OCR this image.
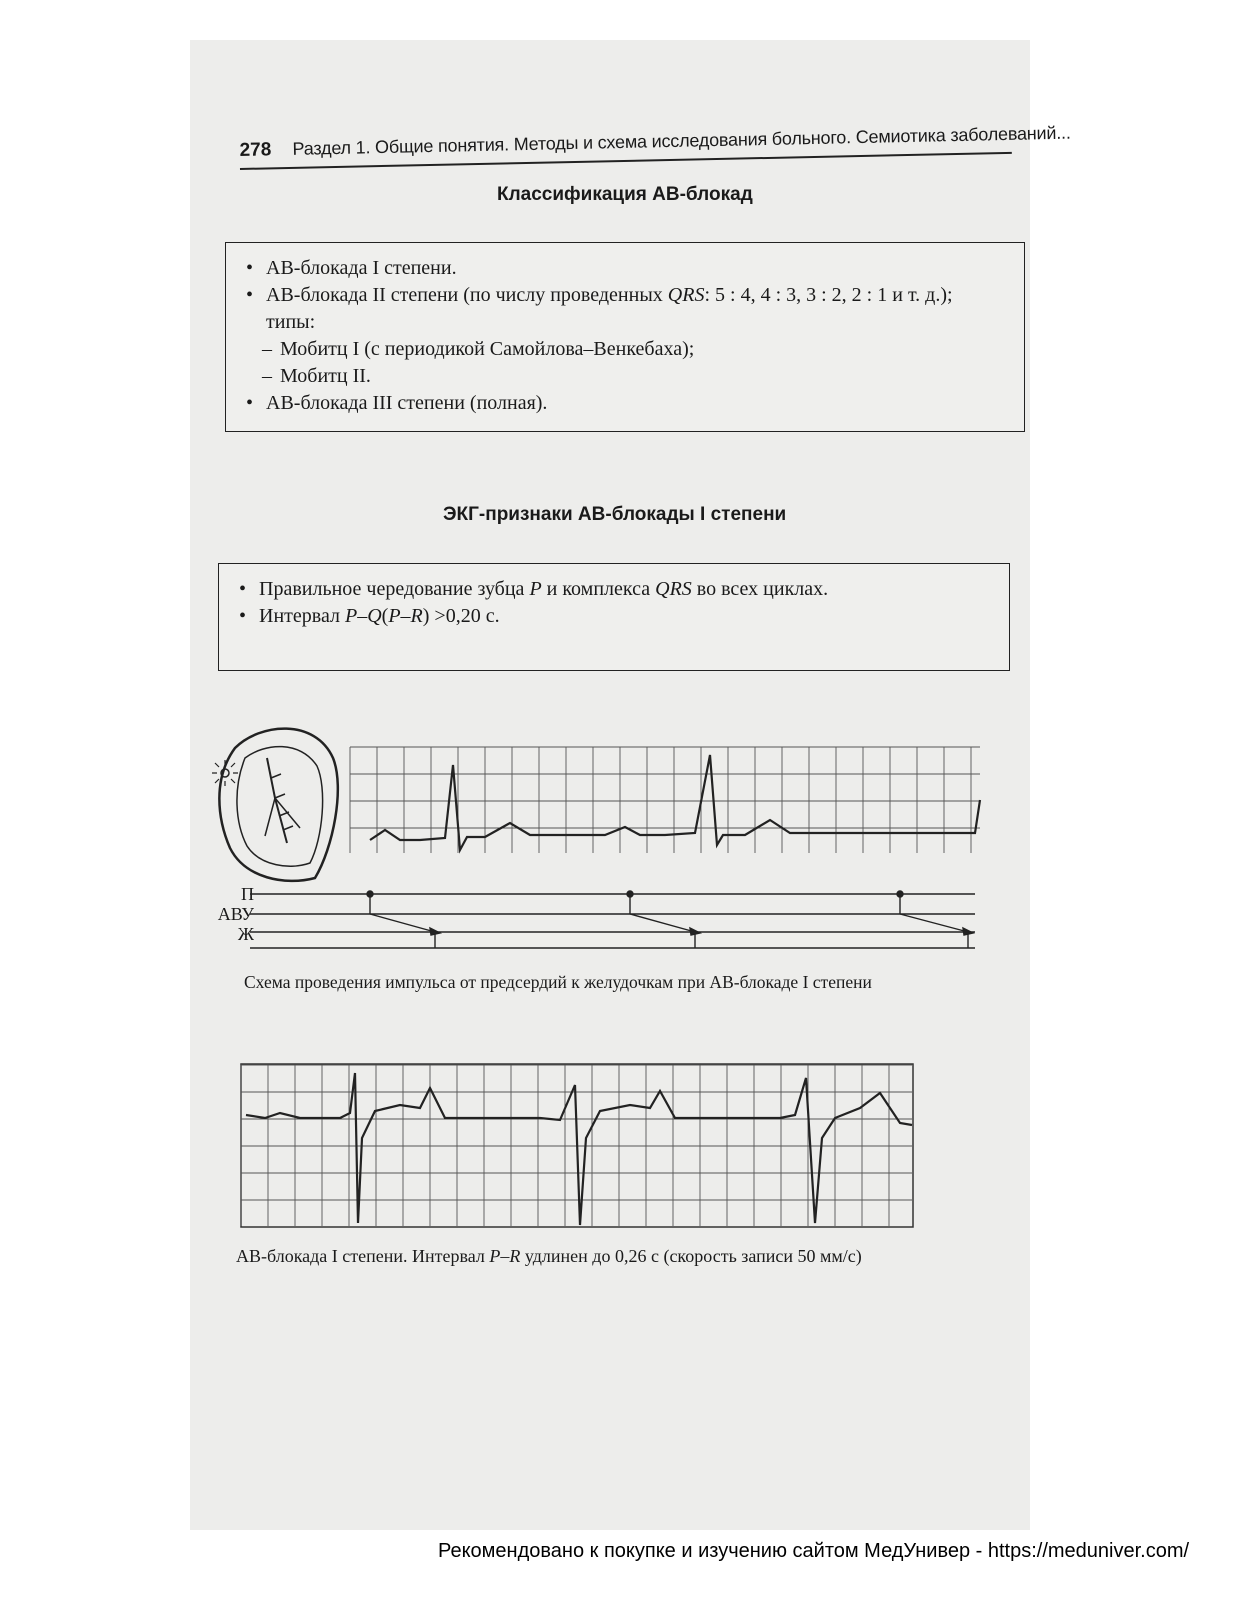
278 Раздел 1. Общие понятия. Методы и схема исследования больного. Семиотика заболеваний...
Классификация АВ-блокад
• АВ-блокада I степени.
• АВ-блокада II степени (по числу проведенных QRS: 5 : 4, 4 : 3, 3 : 2, 2 : 1 и т. д.);
типы:
– Мобитц I (с периодикой Самойлова–Венкебаха);
– Мобитц II.
• АВ-блокада III степени (полная).
ЭКГ-признаки АВ-блокады I степени
• Правильное чередование зубца P и комплекса QRS во всех циклах.
• Интервал P–Q(P–R) >0,20 с.
П
АВУ
Ж
Схема проведения импульса от предсердий к желудочкам при АВ-блокаде I степени
АВ-блокада I степени. Интервал P–R удлинен до 0,26 с (скорость записи 50 мм/с)
Рекомендовано к покупке и изучению сайтом МедУнивер - https://meduniver.com/
